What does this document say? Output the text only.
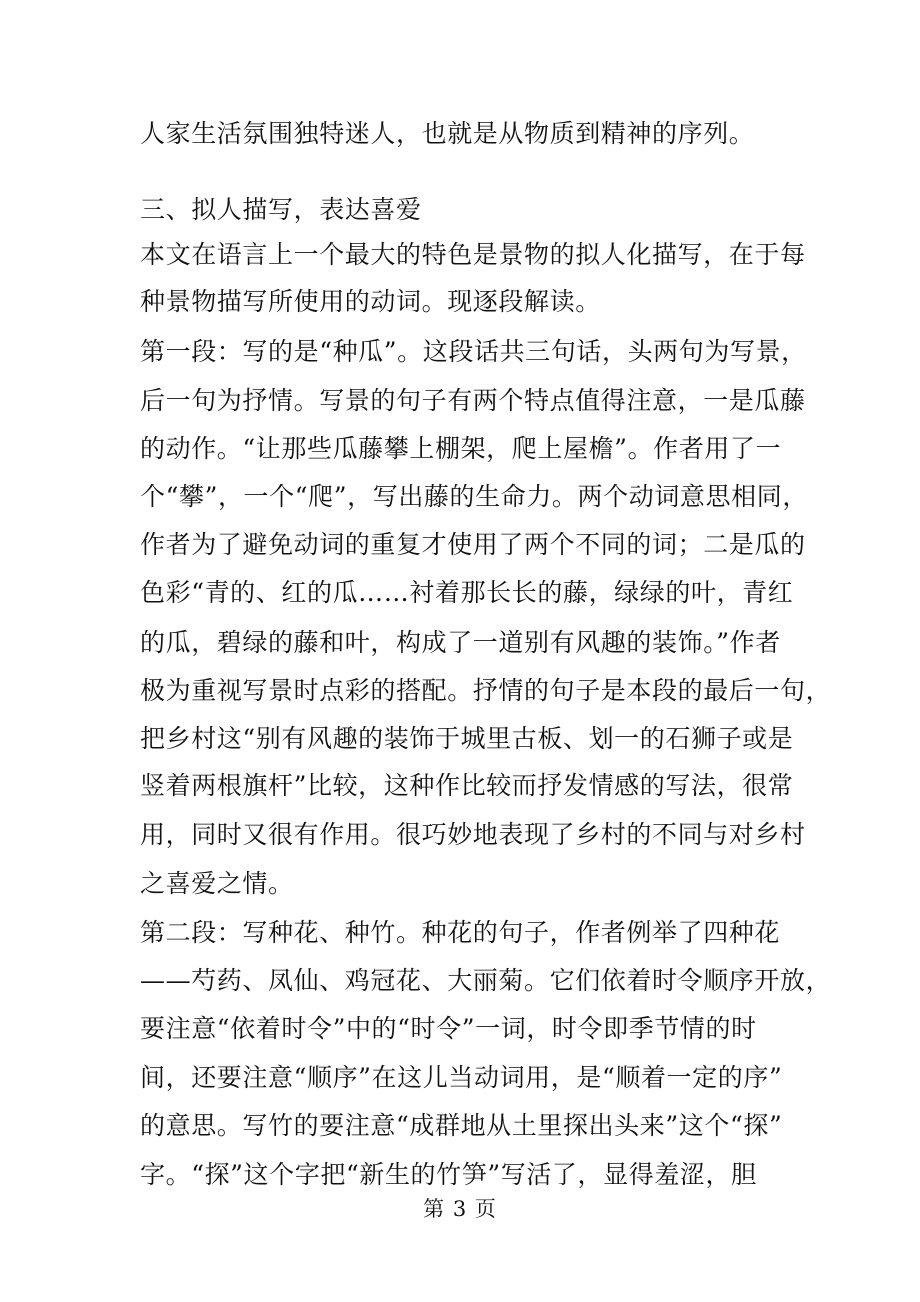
人家生活氛围独特迷人，也就是从物质到精神的序列。
三、拟人描写，表达喜爱
本文在语言上一个最大的特色是景物的拟人化描写，在于每
种景物描写所使用的动词。现逐段解读。
第一段：写的是“种瓜”。这段话共三句话，头两句为写景，
后一句为抒情。写景的句子有两个特点值得注意，一是瓜藤
的动作。“让那些瓜藤攀上棚架，爬上屋檐”。作者用了一
个“攀”，一个“爬”，写出藤的生命力。两个动词意思相同，
作者为了避免动词的重复才使用了两个不同的词；二是瓜的
色彩“青的、红的瓜……衬着那长长的藤，绿绿的叶，青红
的瓜，碧绿的藤和叶，构成了一道别有风趣的装饰。”作者
极为重视写景时点彩的搭配。抒情的句子是本段的最后一句，
把乡村这“别有风趣的装饰于城里古板、划一的石狮子或是
竖着两根旗杆”比较，这种作比较而抒发情感的写法，很常
用，同时又很有作用。很巧妙地表现了乡村的不同与对乡村
之喜爱之情。
第二段：写种花、种竹。种花的句子，作者例举了四种花
——芍药、凤仙、鸡冠花、大丽菊。它们依着时令顺序开放，
要注意“依着时令”中的“时令”一词，时令即季节情的时
间，还要注意“顺序”在这儿当动词用，是“顺着一定的序”
的意思。写竹的要注意“成群地从土里探出头来”这个“探”
字。“探”这个字把“新生的竹笋”写活了，显得羞涩，胆
第 3 页
